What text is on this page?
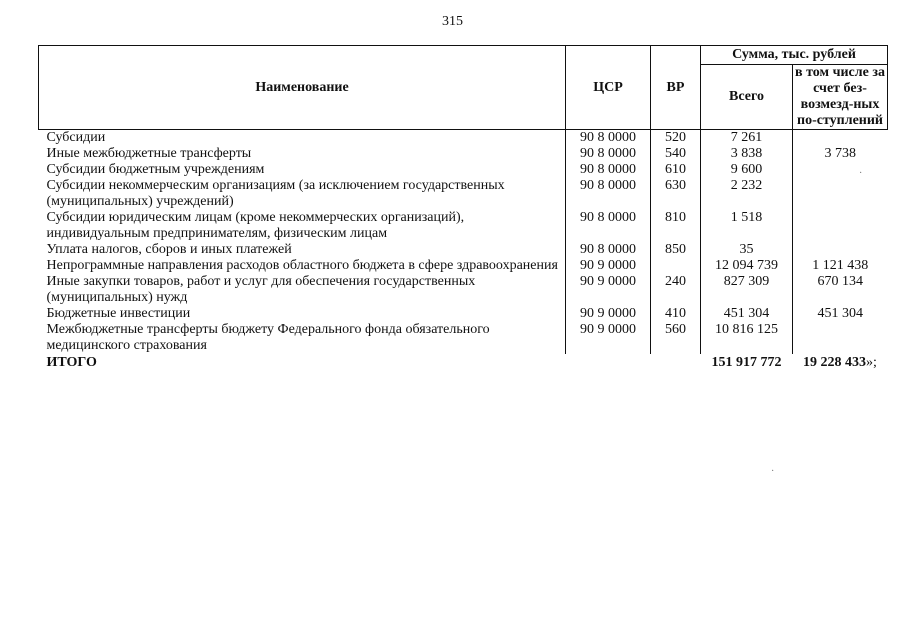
315
Наименование	ЦСР	ВР	Сумма, тыс. рублей	
			Всего	в том числе за счет без-возмезд-ных по-ступлений
Субсидии	90 8 0000	520	7 261	
Иные межбюджетные трансферты	90 8 0000	540	3 838	3 738
Субсидии бюджетным учреждениям	90 8 0000	610	9 600	
Субсидии некоммерческим организациям (за исключением государственных (муниципальных) учреждений)	90 8 0000	630	2 232	
Субсидии юридическим лицам (кроме некоммерческих организаций), индивидуальным предпринимателям, физическим лицам	90 8 0000	810	1 518	
Уплата налогов, сборов и иных платежей	90 8 0000	850	35	
Непрограммные направления расходов областного бюджета в сфере здравоохранения	90 9 0000		12 094 739	1 121 438
Иные закупки товаров, работ и услуг для обеспечения государственных (муниципальных) нужд	90 9 0000	240	827 309	670 134
Бюджетные инвестиции	90 9 0000	410	451 304	451 304
Межбюджетные трансферты бюджету Федерального фонда обязательного медицинского страхования	90 9 0000	560	10 816 125	
ИТОГО			151 917 772	19 228 433»;
·
·
